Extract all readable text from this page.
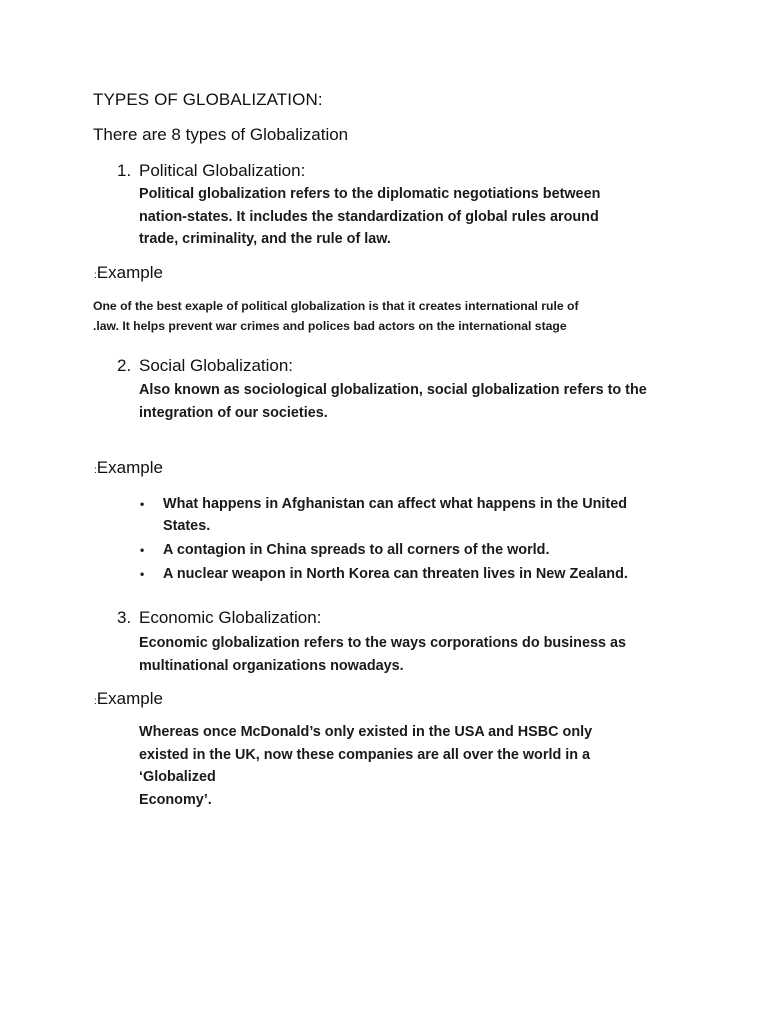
TYPES OF GLOBALIZATION:
There are 8 types of Globalization
1. Political Globalization:
Political globalization refers to the diplomatic negotiations between
nation-states. It includes the standardization of global rules around
trade, criminality, and the rule of law.
:Example
One of the best exaple of political globalization is that it creates international rule of
.law. It helps prevent war crimes and polices bad actors on the international stage
2. Social Globalization:
Also known as sociological globalization, social globalization refers to the
integration of our societies.
:Example
•	What happens in Afghanistan can affect what happens in the United
States.
•	A contagion in China spreads to all corners of the world.
•	A nuclear weapon in North Korea can threaten lives in New Zealand.
3. Economic Globalization:
Economic globalization refers to the ways corporations do business as
multinational organizations nowadays.
:Example
Whereas once McDonald’s only existed in the USA and HSBC only
existed in the UK, now these companies are all over the world in a
‘Globalized
Economy’.
